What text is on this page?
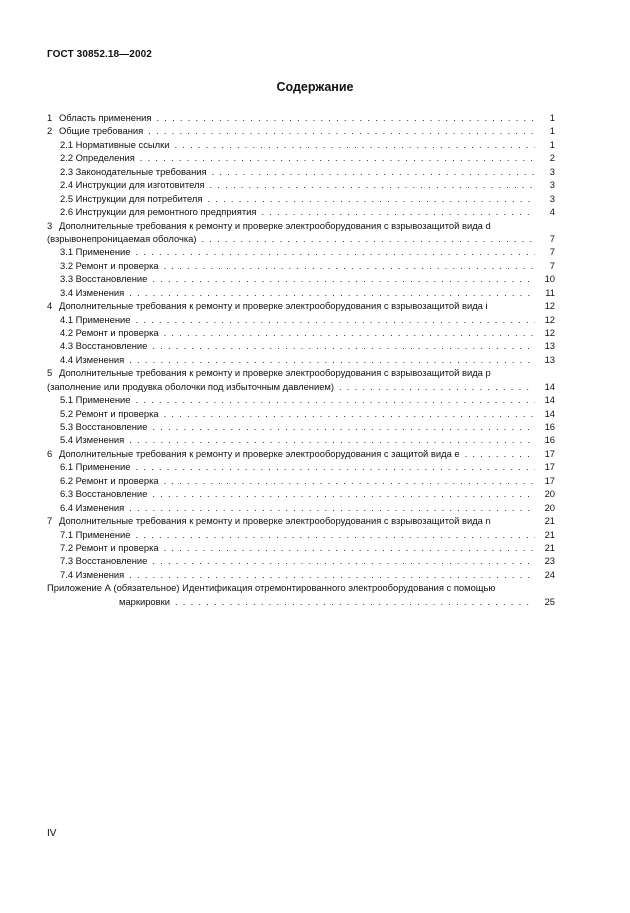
ГОСТ 30852.18—2002
Содержание
1 Область применения . . .	1
2 Общие требования . . .	1
2.1 Нормативные ссылки . . .	1
2.2 Определения . . .	2
2.3 Законодательные требования . . .	3
2.4 Инструкции для изготовителя . . .	3
2.5 Инструкции для потребителя . . .	3
2.6 Инструкции для ремонтного предприятия . . .	4
3 Дополнительные требования к ремонту и проверке электрооборудования с взрывозащитой вида d
(взрывонепроницаемая оболочка) . . .	7
3.1 Применение . . .	7
3.2 Ремонт и проверка . . .	7
3.3 Восстановление . . .	10
3.4 Изменения . . .	11
4 Дополнительные требования к ремонту и проверке электрооборудования с взрывозащитой вида i	12
4.1 Применение . . .	12
4.2 Ремонт и проверка . . .	12
4.3 Восстановление . . .	13
4.4 Изменения . . .	13
5 Дополнительные требования к ремонту и проверке электрооборудования с взрывозащитой вида p
(заполнение или продувка оболочки под избыточным давлением) . . .	14
5.1 Применение . . .	14
5.2 Ремонт и проверка . . .	14
5.3 Восстановление . . .	16
5.4 Изменения . . .	16
6 Дополнительные требования к ремонту и проверке электрооборудования с защитой вида e . . .	17
6.1 Применение . . .	17
6.2 Ремонт и проверка . . .	17
6.3 Восстановление . . .	20
6.4 Изменения . . .	20
7 Дополнительные требования к ремонту и проверке электрооборудования с взрывозащитой вида n	21
7.1 Применение . . .	21
7.2 Ремонт и проверка . . .	21
7.3 Восстановление . . .	23
7.4 Изменения . . .	24
Приложение А (обязательное) Идентификация отремонтированного электрооборудования с помощью
маркировки . . .	25
IV
